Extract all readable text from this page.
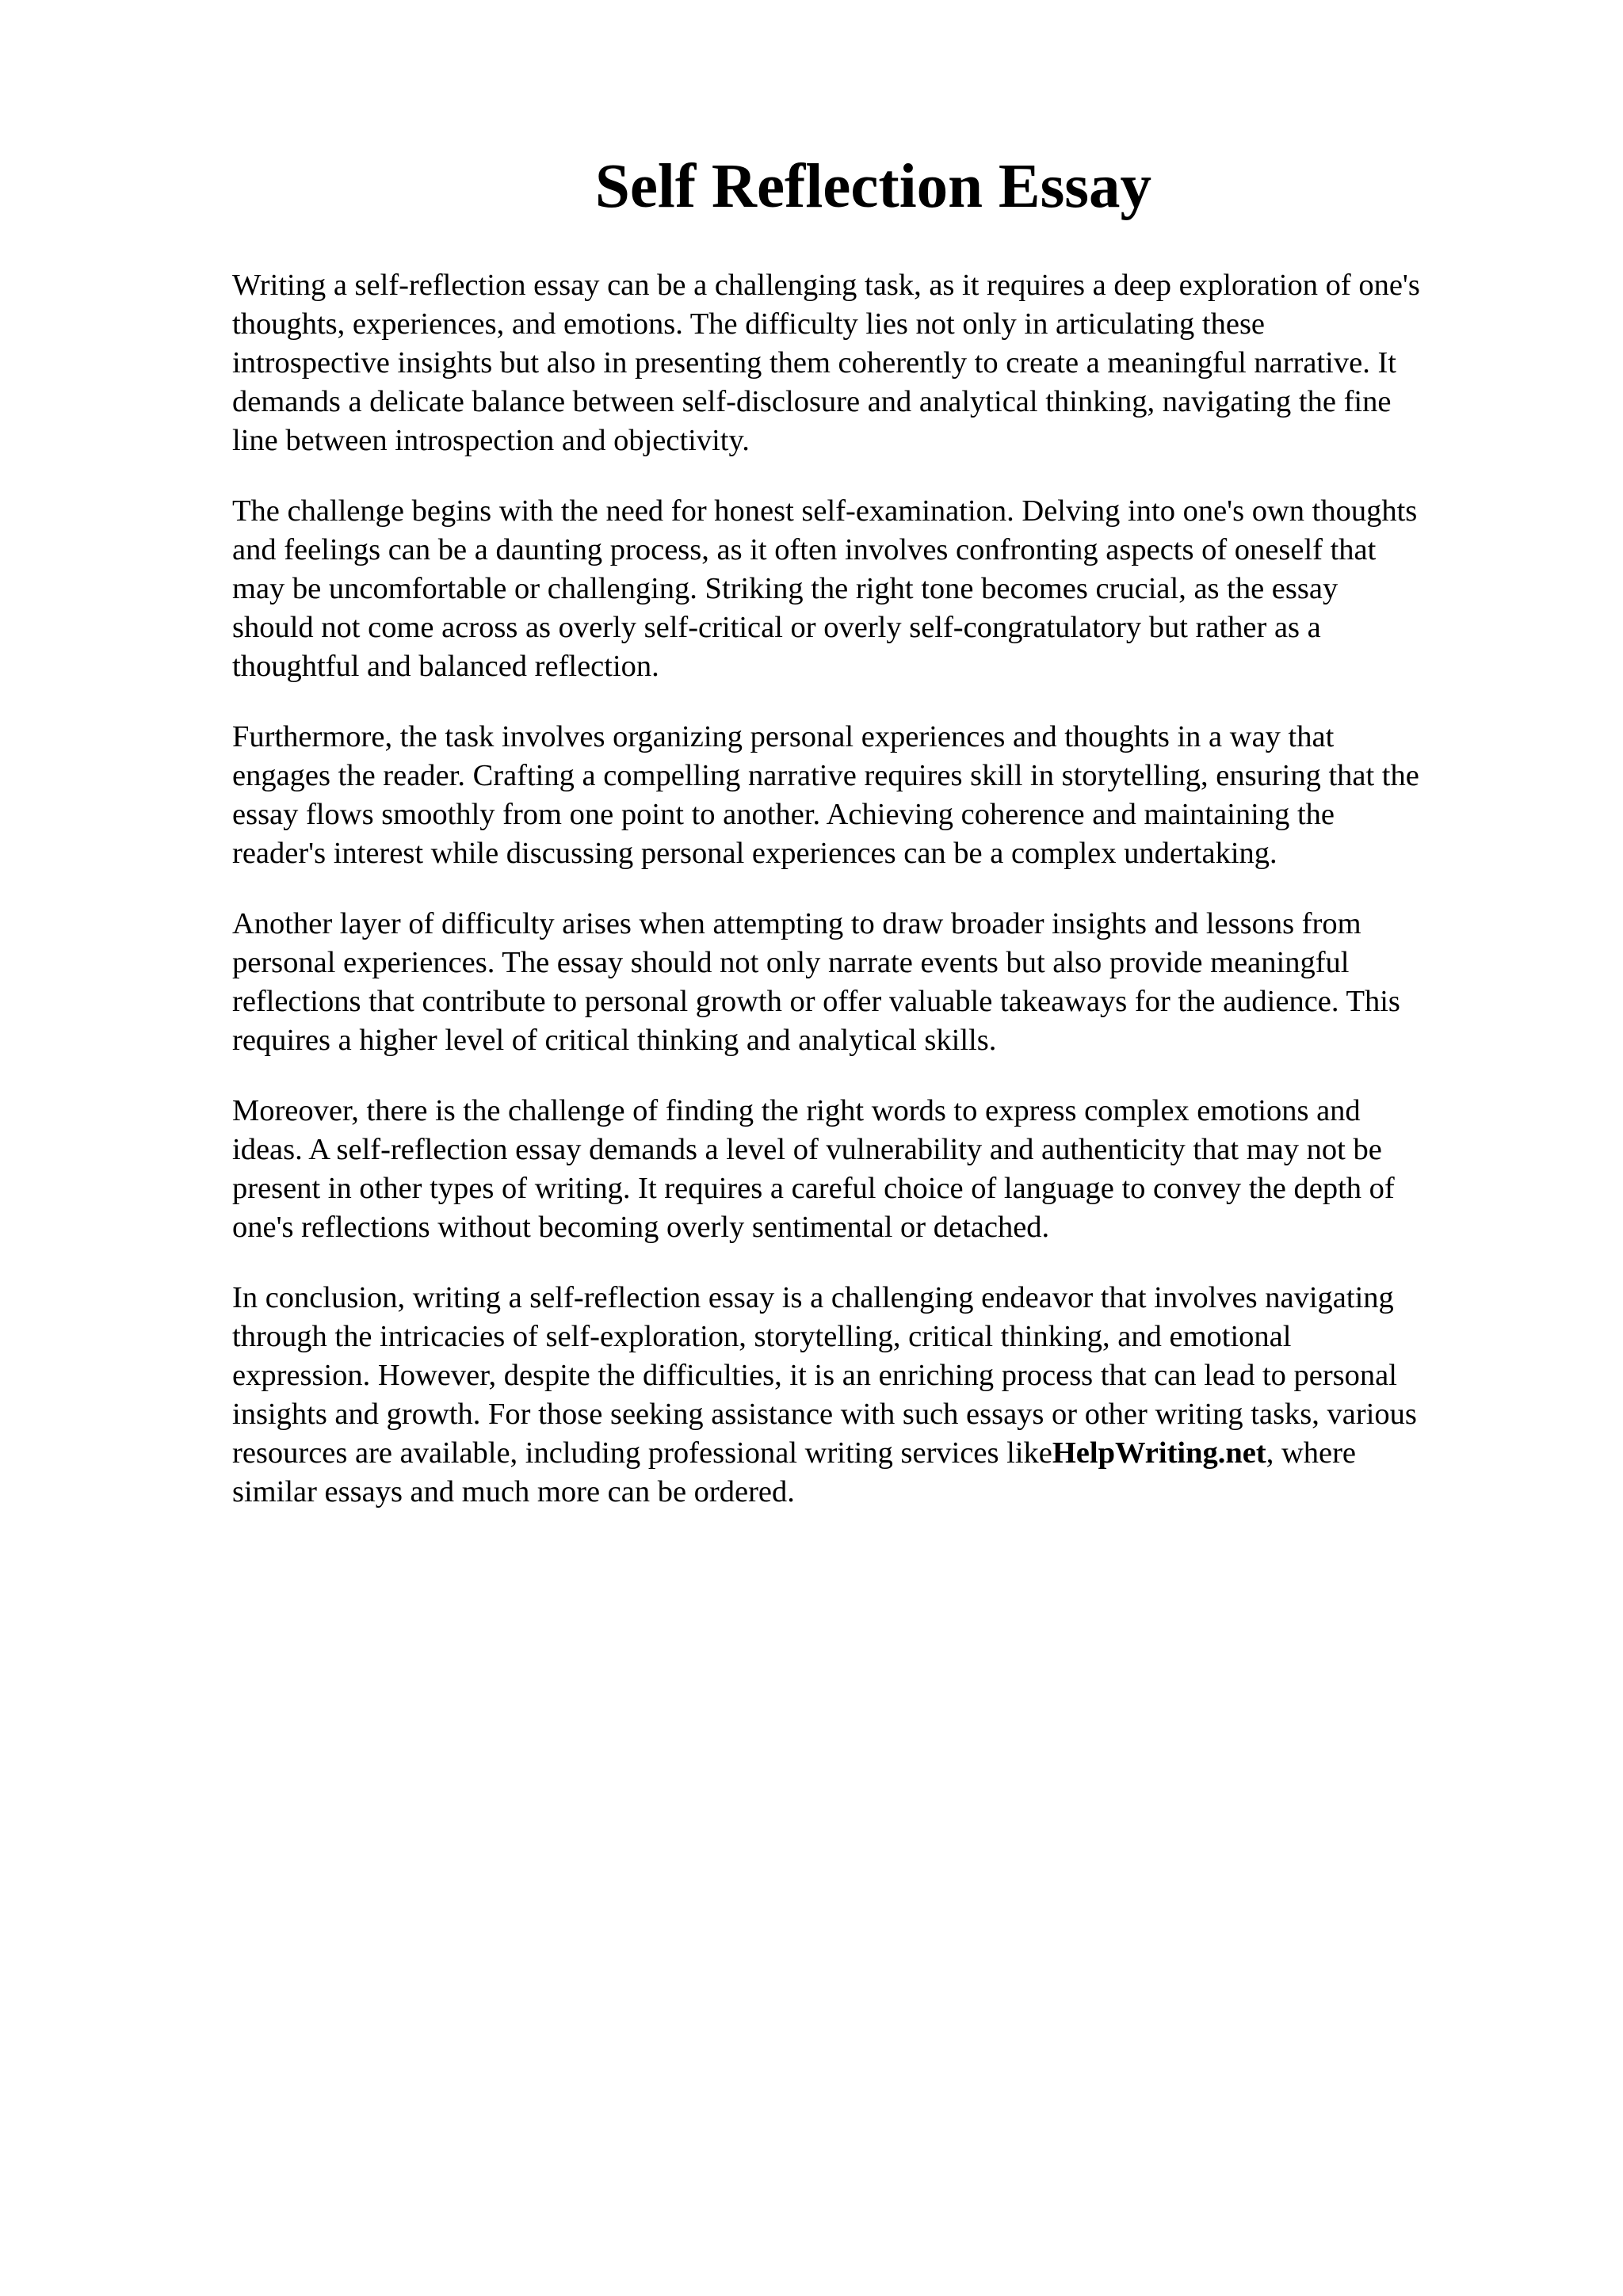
Self Reflection Essay

Writing a self-reflection essay can be a challenging task, as it requires a deep exploration of one's
thoughts, experiences, and emotions. The difficulty lies not only in articulating these
introspective insights but also in presenting them coherently to create a meaningful narrative. It
demands a delicate balance between self-disclosure and analytical thinking, navigating the fine
line between introspection and objectivity.

The challenge begins with the need for honest self-examination. Delving into one's own thoughts
and feelings can be a daunting process, as it often involves confronting aspects of oneself that
may be uncomfortable or challenging. Striking the right tone becomes crucial, as the essay
should not come across as overly self-critical or overly self-congratulatory but rather as a
thoughtful and balanced reflection.

Furthermore, the task involves organizing personal experiences and thoughts in a way that
engages the reader. Crafting a compelling narrative requires skill in storytelling, ensuring that the
essay flows smoothly from one point to another. Achieving coherence and maintaining the
reader's interest while discussing personal experiences can be a complex undertaking.

Another layer of difficulty arises when attempting to draw broader insights and lessons from
personal experiences. The essay should not only narrate events but also provide meaningful
reflections that contribute to personal growth or offer valuable takeaways for the audience. This
requires a higher level of critical thinking and analytical skills.

Moreover, there is the challenge of finding the right words to express complex emotions and
ideas. A self-reflection essay demands a level of vulnerability and authenticity that may not be
present in other types of writing. It requires a careful choice of language to convey the depth of
one's reflections without becoming overly sentimental or detached.

In conclusion, writing a self-reflection essay is a challenging endeavor that involves navigating
through the intricacies of self-exploration, storytelling, critical thinking, and emotional
expression. However, despite the difficulties, it is an enriching process that can lead to personal
insights and growth. For those seeking assistance with such essays or other writing tasks, various
resources are available, including professional writing services likeHelpWriting.net, where
similar essays and much more can be ordered.
